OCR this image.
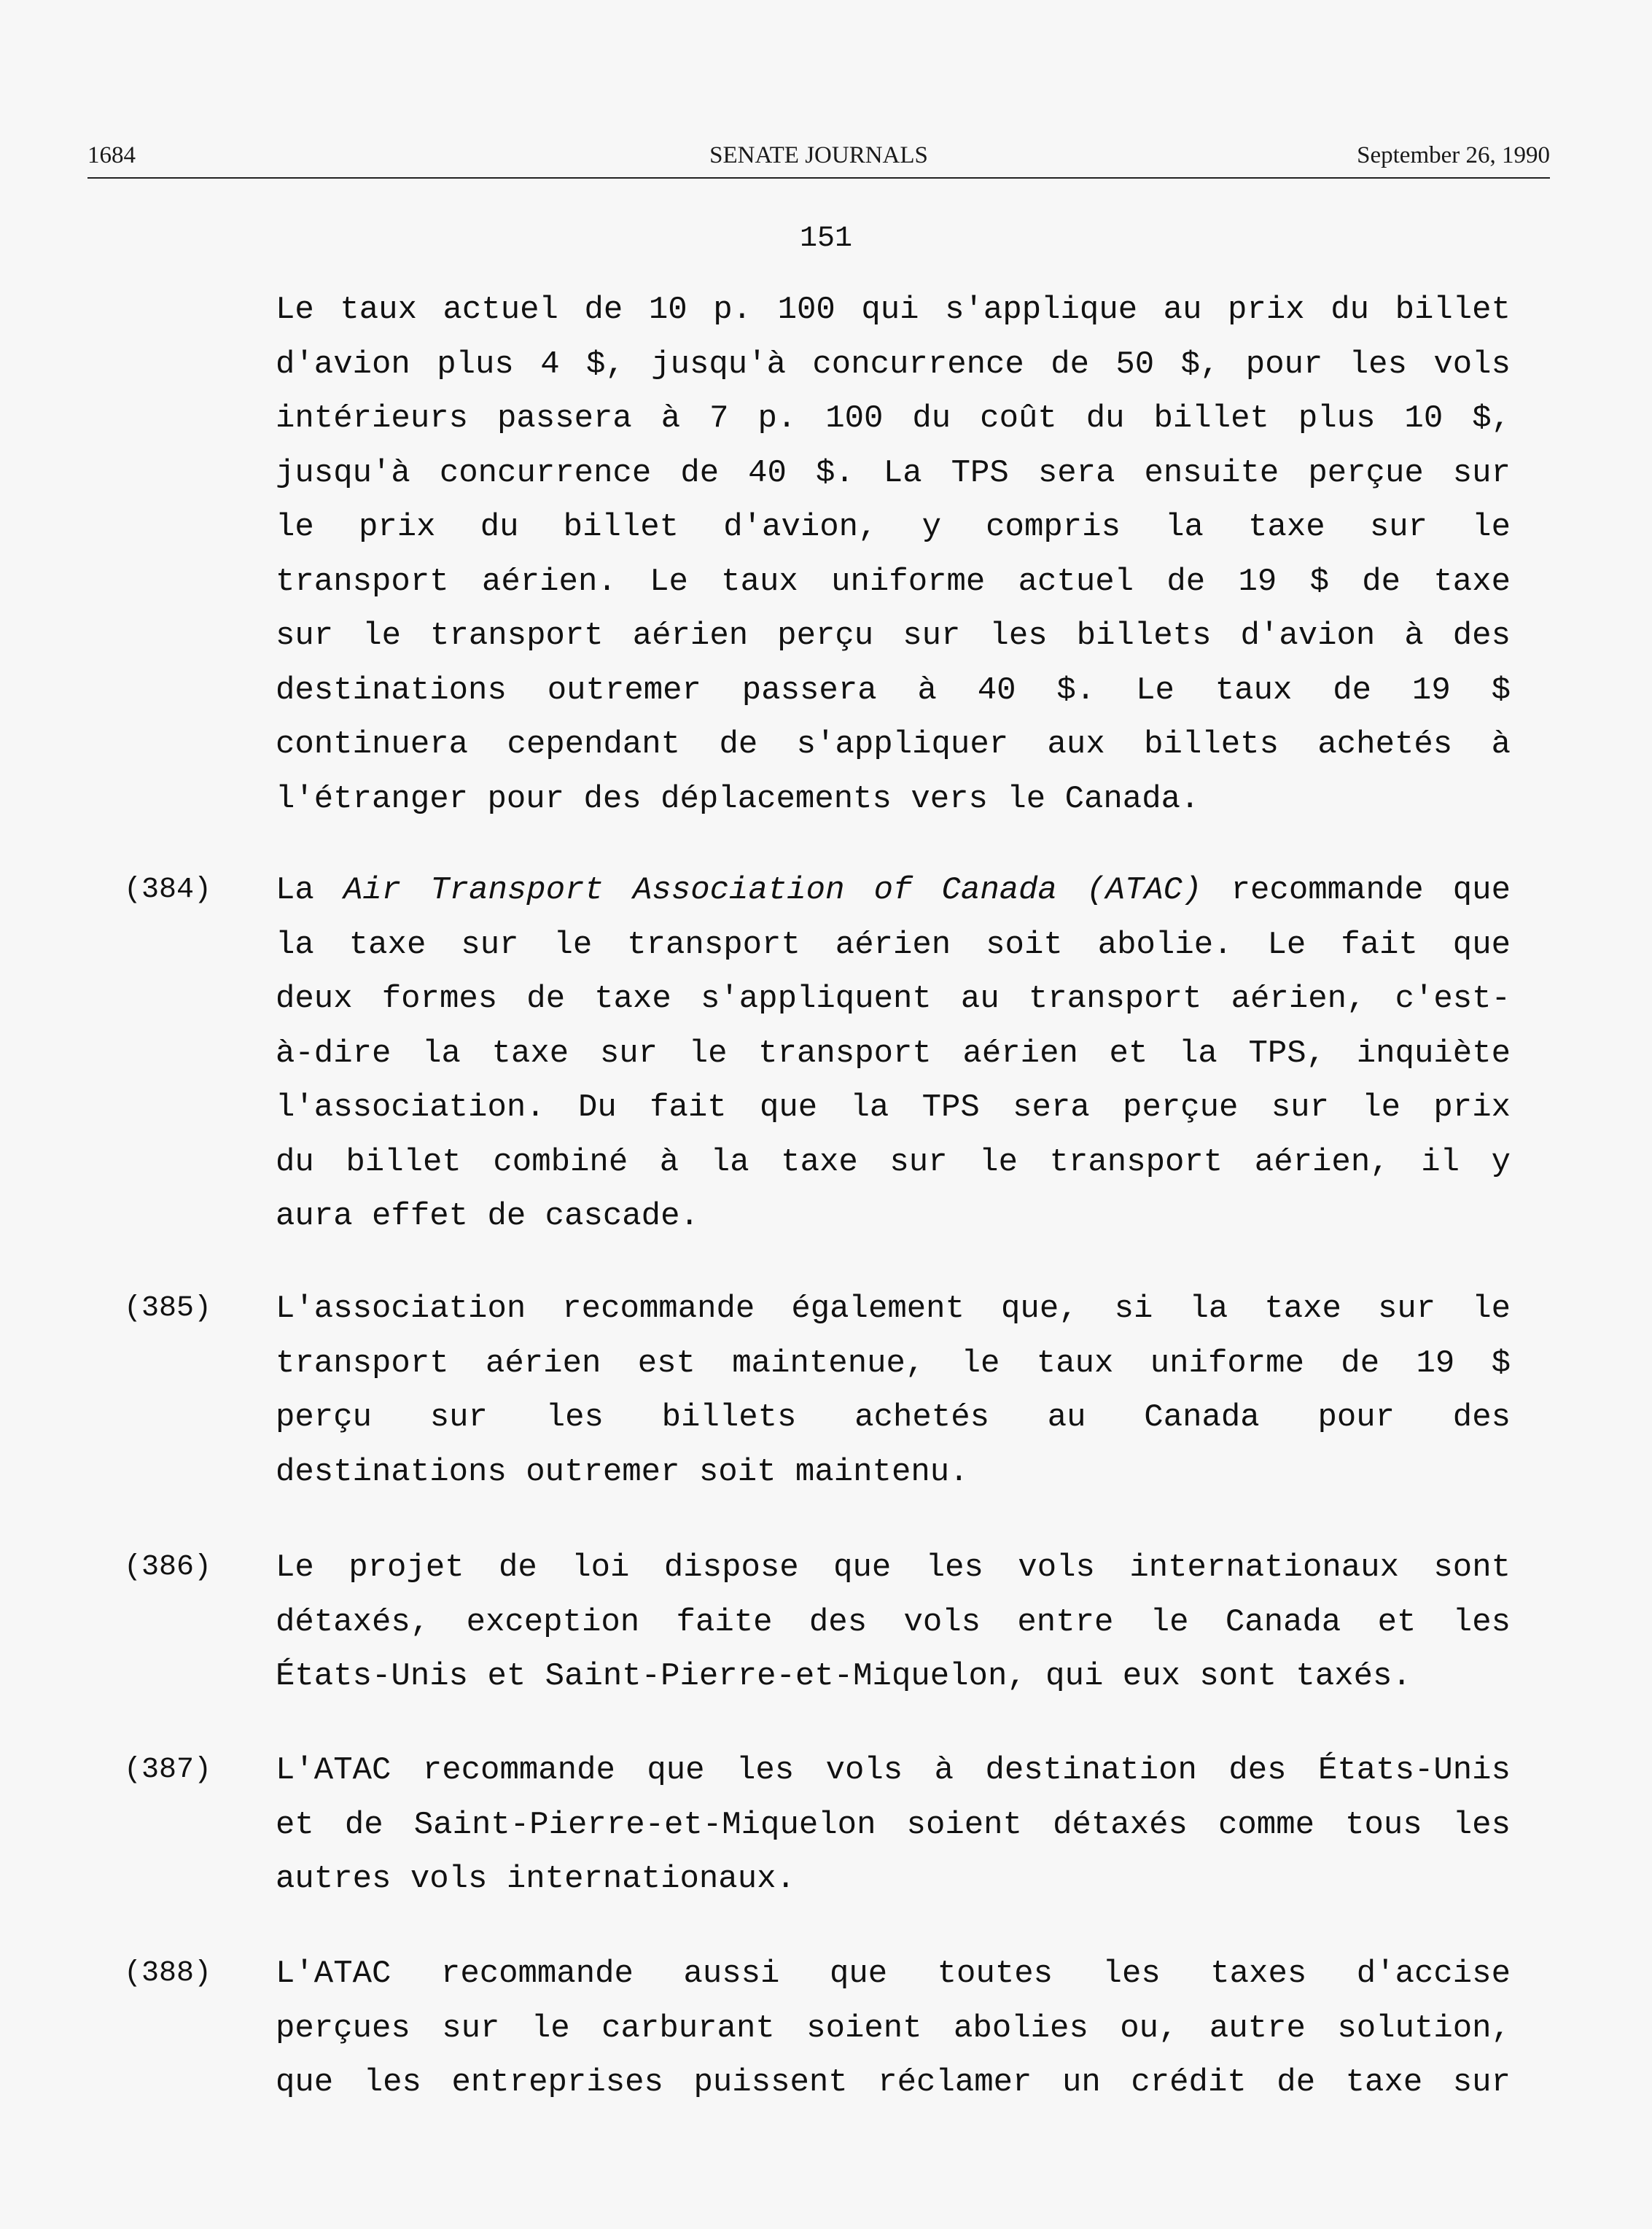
1684	SENATE JOURNALS	September 26, 1990
151
Le taux actuel de 10 p. 100 qui s'applique au prix du billet
d'avion plus 4 $, jusqu'à concurrence de 50 $, pour les vols
intérieurs passera à 7 p. 100 du coût du billet plus 10 $,
jusqu'à concurrence de 40 $. La TPS sera ensuite perçue sur
le prix du billet d'avion, y compris la taxe sur le
transport aérien. Le taux uniforme actuel de 19 $ de taxe
sur le transport aérien perçu sur les billets d'avion à des
destinations outremer passera à 40 $. Le taux de 19 $
continuera cependant de s'appliquer aux billets achetés à
l'étranger pour des déplacements vers le Canada.
(384) La Air Transport Association of Canada (ATAC) recommande que
la taxe sur le transport aérien soit abolie. Le fait que
deux formes de taxe s'appliquent au transport aérien, c'est-
à-dire la taxe sur le transport aérien et la TPS, inquiète
l'association. Du fait que la TPS sera perçue sur le prix
du billet combiné à la taxe sur le transport aérien, il y
aura effet de cascade.
(385) L'association recommande également que, si la taxe sur le
transport aérien est maintenue, le taux uniforme de 19 $
perçu sur les billets achetés au Canada pour des
destinations outremer soit maintenu.
(386) Le projet de loi dispose que les vols internationaux sont
détaxés, exception faite des vols entre le Canada et les
États-Unis et Saint-Pierre-et-Miquelon, qui eux sont taxés.
(387) L'ATAC recommande que les vols à destination des États-Unis
et de Saint-Pierre-et-Miquelon soient détaxés comme tous les
autres vols internationaux.
(388) L'ATAC recommande aussi que toutes les taxes d'accise
perçues sur le carburant soient abolies ou, autre solution,
que les entreprises puissent réclamer un crédit de taxe sur
